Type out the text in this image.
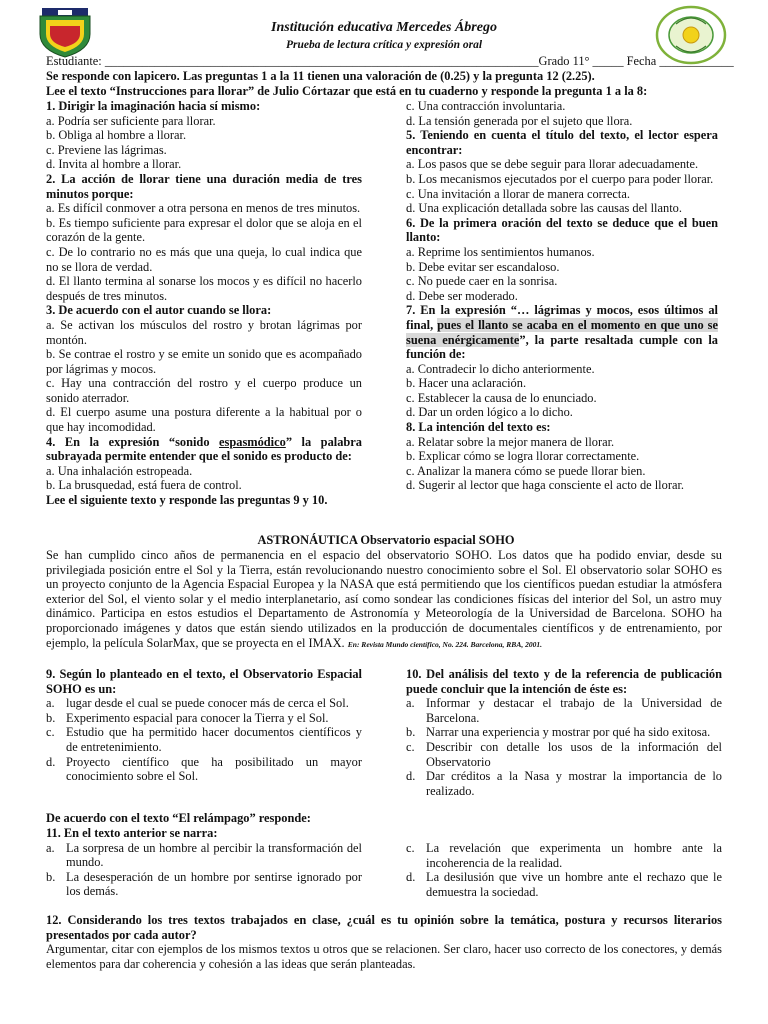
Institución educativa Mercedes Ábrego
Prueba de lectura crítica y expresión oral
Estudiante: ______________________________________________________________________Grado 11° _____ Fecha ____________
Se responde con lapicero. Las preguntas 1 a la 11 tienen una valoración de (0.25) y la pregunta 12 (2.25).
Lee el texto “Instrucciones para llorar” de Julio Córtazar que está en tu cuaderno y responde la pregunta 1 a la 8:
1. Dirigir la imaginación hacia sí mismo:
a. Podría ser suficiente para llorar.
b. Obliga al hombre a llorar.
c. Previene las lágrimas.
d. Invita al hombre a llorar.
2. La acción de llorar tiene una duración media de tres minutos porque:
a. Es difícil conmover a otra persona en menos de tres minutos.
b. Es tiempo suficiente para expresar el dolor que se aloja en el corazón de la gente.
c. De lo contrario no es más que una queja, lo cual indica que no se llora de verdad.
d. El llanto termina al sonarse los mocos y es difícil no hacerlo después de tres minutos.
3. De acuerdo con el autor cuando se llora:
a. Se activan los músculos del rostro y brotan lágrimas por montón.
b. Se contrae el rostro y se emite un sonido que es acompañado por lágrimas y mocos.
c. Hay una contracción del rostro y el cuerpo produce un sonido aterrador.
d. El cuerpo asume una postura diferente a la habitual por o que hay incomodidad.
4. En la expresión “sonido espasmódico” la palabra subrayada permite entender que el sonido es producto de:
a. Una inhalación estropeada.
b. La brusquedad, está fuera de control.
Lee el siguiente texto y responde las preguntas 9 y 10.
c. Una contracción involuntaria.
d. La tensión generada por el sujeto que llora.
5. Teniendo en cuenta el título del texto, el lector espera encontrar:
a. Los pasos que se debe seguir para llorar adecuadamente.
b. Los mecanismos ejecutados por el cuerpo para poder llorar.
c. Una invitación a llorar de manera correcta.
d. Una explicación detallada sobre las causas del llanto.
6. De la primera oración del texto se deduce que el buen llanto:
a. Reprime los sentimientos humanos.
b. Debe evitar ser escandaloso.
c. No puede caer en la sonrisa.
d. Debe ser moderado.
7. En la expresión “… lágrimas y mocos, esos últimos al final, pues el llanto se acaba en el momento en que uno se suena enérgicamente”, la parte resaltada cumple con la función de:
a. Contradecir lo dicho anteriormente.
b. Hacer una aclaración.
c. Establecer la causa de lo enunciado.
d. Dar un orden lógico a lo dicho.
8. La intención del texto es:
a. Relatar sobre la mejor manera de llorar.
b. Explicar cómo se logra llorar correctamente.
c. Analizar la manera cómo se puede llorar bien.
d. Sugerir al lector que haga consciente el acto de llorar.
ASTRONÁUTICA Observatorio espacial SOHO
Se han cumplido cinco años de permanencia en el espacio del observatorio SOHO. Los datos que ha podido enviar, desde su privilegiada posición entre el Sol y la Tierra, están revolucionando nuestro conocimiento sobre el Sol. El observatorio solar SOHO es un proyecto conjunto de la Agencia Espacial Europea y la NASA que está permitiendo que los científicos puedan estudiar la atmósfera exterior del Sol, el viento solar y el medio interplanetario, así como sondear las condiciones físicas del interior del Sol, un astro muy dinámico. Participa en estos estudios el Departamento de Astronomía y Meteorología de la Universidad de Barcelona. SOHO ha proporcionado imágenes y datos que están siendo utilizados en la producción de documentales científicos y de entrenamiento, por ejemplo, la película SolarMax, que se proyecta en el IMAX. En: Revista Mundo científico, No. 224. Barcelona, RBA, 2001.
9. Según lo planteado en el texto, el Observatorio Espacial SOHO es un:
a. lugar desde el cual se puede conocer más de cerca el Sol.
b. Experimento espacial para conocer la Tierra y el Sol.
c. Estudio que ha permitido hacer documentos científicos y de entretenimiento.
d. Proyecto científico que ha posibilitado un mayor conocimiento sobre el Sol.
10. Del análisis del texto y de la referencia de publicación puede concluir que la intención de éste es:
a. Informar y destacar el trabajo de la Universidad de Barcelona.
b. Narrar una experiencia y mostrar por qué ha sido exitosa.
c. Describir con detalle los usos de la información del Observatorio
d. Dar créditos a la Nasa y mostrar la importancia de lo realizado.
De acuerdo con el texto “El relámpago” responde:
11. En el texto anterior se narra:
a. La sorpresa de un hombre al percibir la transformación del mundo.
b. La desesperación de un hombre por sentirse ignorado por los demás.
c. La revelación que experimenta un hombre ante la incoherencia de la realidad.
d. La desilusión que vive un hombre ante el rechazo que le demuestra la sociedad.
12. Considerando los tres textos trabajados en clase, ¿cuál es tu opinión sobre la temática, postura y recursos literarios presentados por cada autor?
Argumentar, citar con ejemplos de los mismos textos u otros que se relacionen. Ser claro, hacer uso correcto de los conectores, y demás elementos para dar coherencia y cohesión a las ideas que serán planteadas.
